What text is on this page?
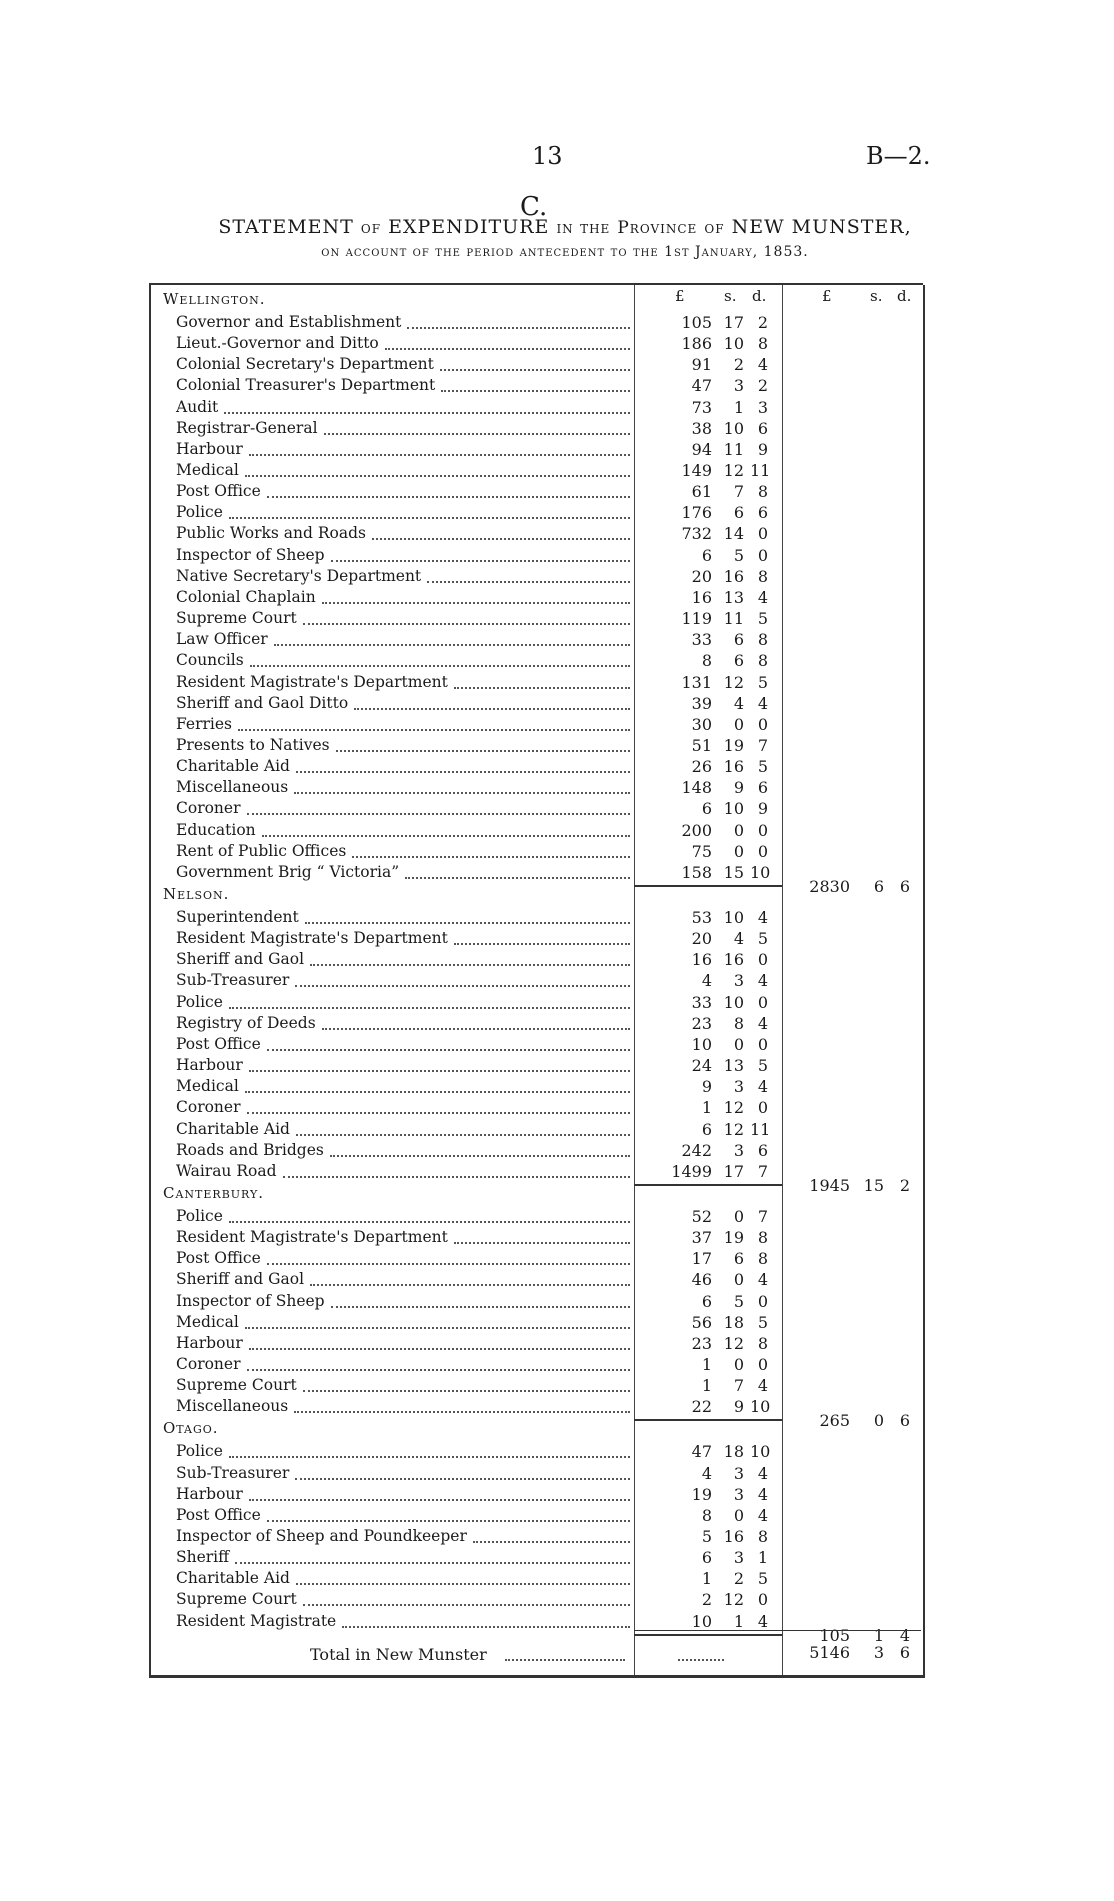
13	B—2.
C.
STATEMENT of EXPENDITURE in the Province of NEW MUNSTER,
on account of the period antecedent to the 1st January, 1853.
£	s. d.	£	s. d.
Wellington.
Governor and Establishment	105 17 2
Lieut.-Governor and Ditto	186 10 8
Colonial Secretary's Department	91	2 4
Colonial Treasurer's Department	47	3 2
Audit	73	1 3
Registrar-General	38 10 6
Harbour	94 11 9
Medical	149 12 11
Post Office	61	7 8
Police	176	6 6
Public Works and Roads	732 14 0
Inspector of Sheep	6	5 0
Native Secretary's Department	20 16 8
Colonial Chaplain	16 13 4
Supreme Court	119 11 5
Law Officer	33	6 8
Councils	8	6 8
Resident Magistrate's Department	131 12 5
Sheriff and Gaol Ditto	39	4 4
Ferries	30	0 0
Presents to Natives	51 19 7
Charitable Aid	26 16 5
Miscellaneous	148	9 6
Coroner	6 10 9
Education	200	0 0
Rent of Public Offices	75	0 0
Government Brig “ Victoria”	158 15 10
2830	6 6
Nelson.
Superintendent	53 10 4
Resident Magistrate's Department	20	4 5
Sheriff and Gaol	16 16 0
Sub-Treasurer	4	3 4
Police	33 10 0
Registry of Deeds	23	8 4
Post Office	10	0 0
Harbour	24 13 5
Medical	9	3 4
Coroner	1 12 0
Charitable Aid	6 12 11
Roads and Bridges	242	3 6
Wairau Road	1499 17 7
1945 15 2
Canterbury.
Police	52	0 7
Resident Magistrate's Department	37 19 8
Post Office	17	6 8
Sheriff and Gaol	46	0 4
Inspector of Sheep	6	5 0
Medical	56 18 5
Harbour	23 12 8
Coroner	1	0 0
Supreme Court	1	7 4
Miscellaneous	22	9 10
265	0 6
Otago.
Police	47 18 10
Sub-Treasurer	4	3 4
Harbour	19	3 4
Post Office	8	0 4
Inspector of Sheep and Poundkeeper	5 16 8
Sheriff	6	3 1
Charitable Aid	1	2 5
Supreme Court	2 12 0
Resident Magistrate	10	1 4
105	1 4
Total in New Munster	5146	3 6
